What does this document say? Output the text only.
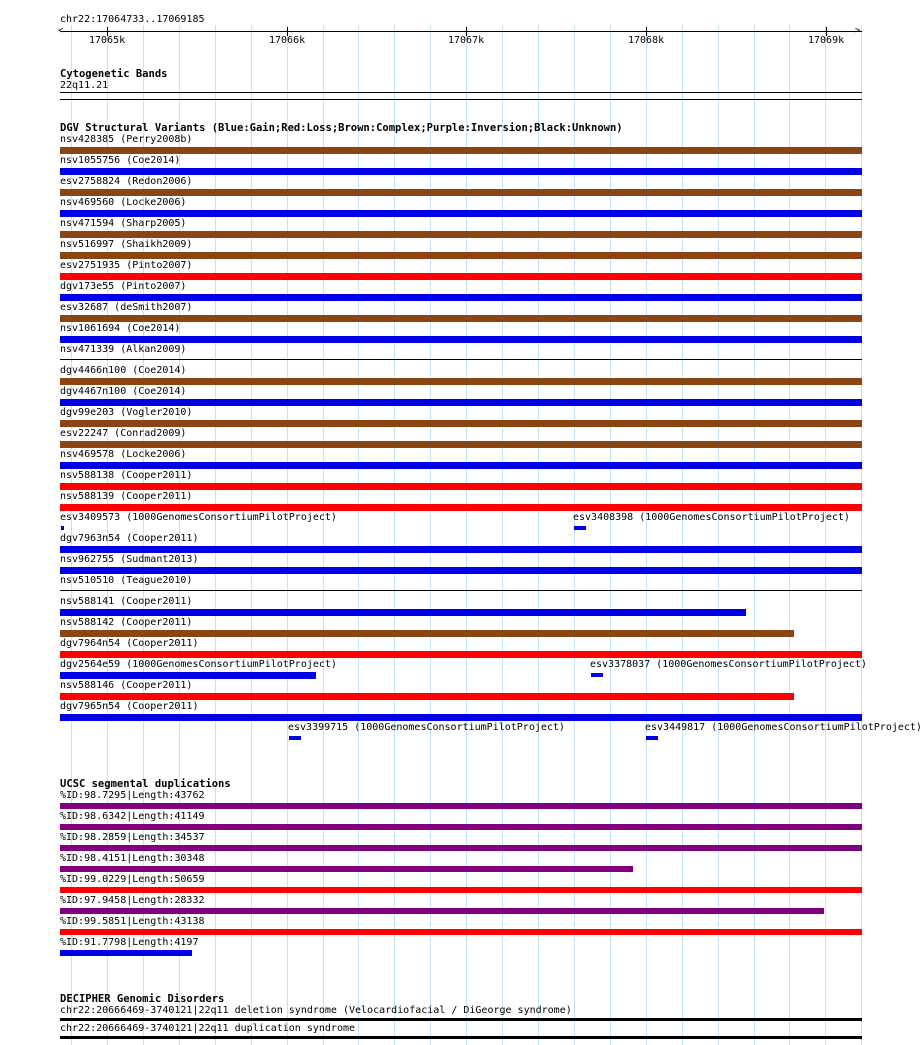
chr22:17064733..17069185
<	>
17065k	17066k	17067k	17068k	17069k
Cytogenetic Bands
22q11.21
DGV Structural Variants (Blue:Gain;Red:Loss;Brown:Complex;Purple:Inversion;Black:Unknown)
nsv428385 (Perry2008b)
nsv1055756 (Coe2014)
esv2758824 (Redon2006)
nsv469560 (Locke2006)
nsv471594 (Sharp2005)
nsv516997 (Shaikh2009)
esv2751935 (Pinto2007)
dgv173e55 (Pinto2007)
esv32687 (deSmith2007)
nsv1061694 (Coe2014)
nsv471339 (Alkan2009)
dgv4466n100 (Coe2014)
dgv4467n100 (Coe2014)
dgv99e203 (Vogler2010)
esv22247 (Conrad2009)
nsv469578 (Locke2006)
nsv588138 (Cooper2011)
nsv588139 (Cooper2011)
esv3409573 (1000GenomesConsortiumPilotProject)	esv3408398 (1000GenomesConsortiumPilotProject)
dgv7963n54 (Cooper2011)
nsv962755 (Sudmant2013)
nsv510510 (Teague2010)
nsv588141 (Cooper2011)
nsv588142 (Cooper2011)
dgv7964n54 (Cooper2011)
dgv2564e59 (1000GenomesConsortiumPilotProject)	esv3378037 (1000GenomesConsortiumPilotProject)
nsv588146 (Cooper2011)
dgv7965n54 (Cooper2011)
esv3399715 (1000GenomesConsortiumPilotProject)	esv3449817 (1000GenomesConsortiumPilotProject)
UCSC segmental duplications
%ID:98.7295|Length:43762
%ID:98.6342|Length:41149
%ID:98.2859|Length:34537
%ID:98.4151|Length:30348
%ID:99.0229|Length:50659
%ID:97.9458|Length:28332
%ID:99.5851|Length:43138
%ID:91.7798|Length:4197
DECIPHER Genomic Disorders
chr22:20666469-3740121|22q11 deletion syndrome (Velocardiofacial / DiGeorge syndrome)
chr22:20666469-3740121|22q11 duplication syndrome
